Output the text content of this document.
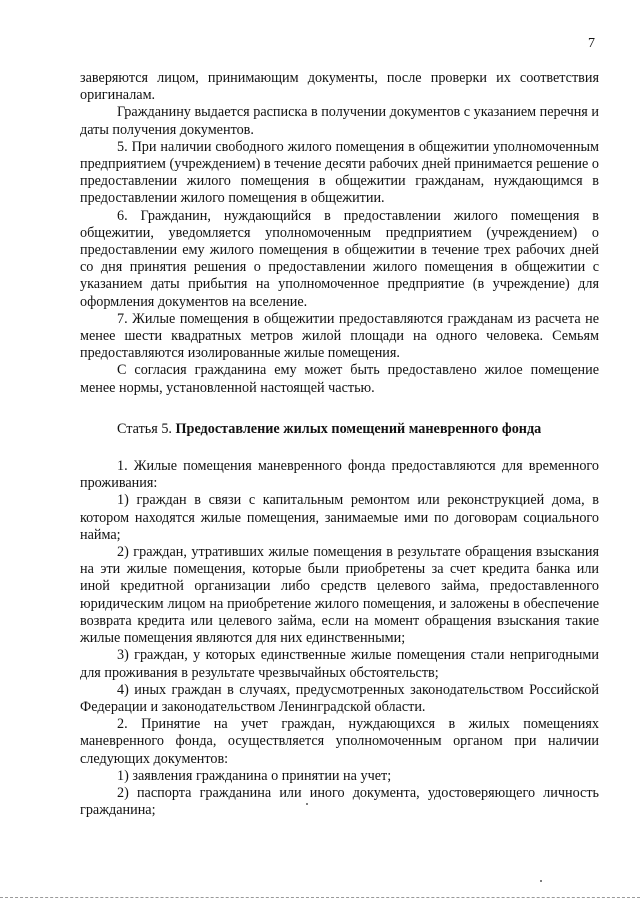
7

заверяются лицом, принимающим документы, после проверки их соответствия оригиналам.

Гражданину выдается расписка в получении документов с указанием перечня и даты получения документов.

5. При наличии свободного жилого помещения в общежитии уполномоченным предприятием (учреждением) в течение десяти рабочих дней принимается решение о предоставлении жилого помещения в общежитии гражданам, нуждающимся в предоставлении жилого помещения в общежитии.

6. Гражданин, нуждающийся в предоставлении жилого помещения в общежитии, уведомляется уполномоченным предприятием (учреждением) о предоставлении ему жилого помещения в общежитии в течение трех рабочих дней со дня принятия решения о предоставлении жилого помещения в общежитии с указанием даты прибытия на уполномоченное предприятие (в учреждение) для оформления документов на вселение.

7. Жилые помещения в общежитии предоставляются гражданам из расчета не менее шести квадратных метров жилой площади на одного человека. Семьям предоставляются изолированные жилые помещения.

С согласия гражданина ему может быть предоставлено жилое помещение менее нормы, установленной настоящей частью.

Статья 5. Предоставление жилых помещений маневренного фонда

1. Жилые помещения маневренного фонда предоставляются для временного проживания:

1) граждан в связи с капитальным ремонтом или реконструкцией дома, в котором находятся жилые помещения, занимаемые ими по договорам социального найма;

2) граждан, утративших жилые помещения в результате обращения взыскания на эти жилые помещения, которые были приобретены за счет кредита банка или иной кредитной организации либо средств целевого займа, предоставленного юридическим лицом на приобретение жилого помещения, и заложены в обеспечение возврата кредита или целевого займа, если на момент обращения взыскания такие жилые помещения являются для них единственными;

3) граждан, у которых единственные жилые помещения стали непригодными для проживания в результате чрезвычайных обстоятельств;

4) иных граждан в случаях, предусмотренных законодательством Российской Федерации и законодательством Ленинградской области.

2. Принятие на учет граждан, нуждающихся в жилых помещениях маневренного фонда, осуществляется уполномоченным органом при наличии следующих документов:

1) заявления гражданина о принятии на учет;

2) паспорта гражданина или иного документа, удостоверяющего личность гражданина;
